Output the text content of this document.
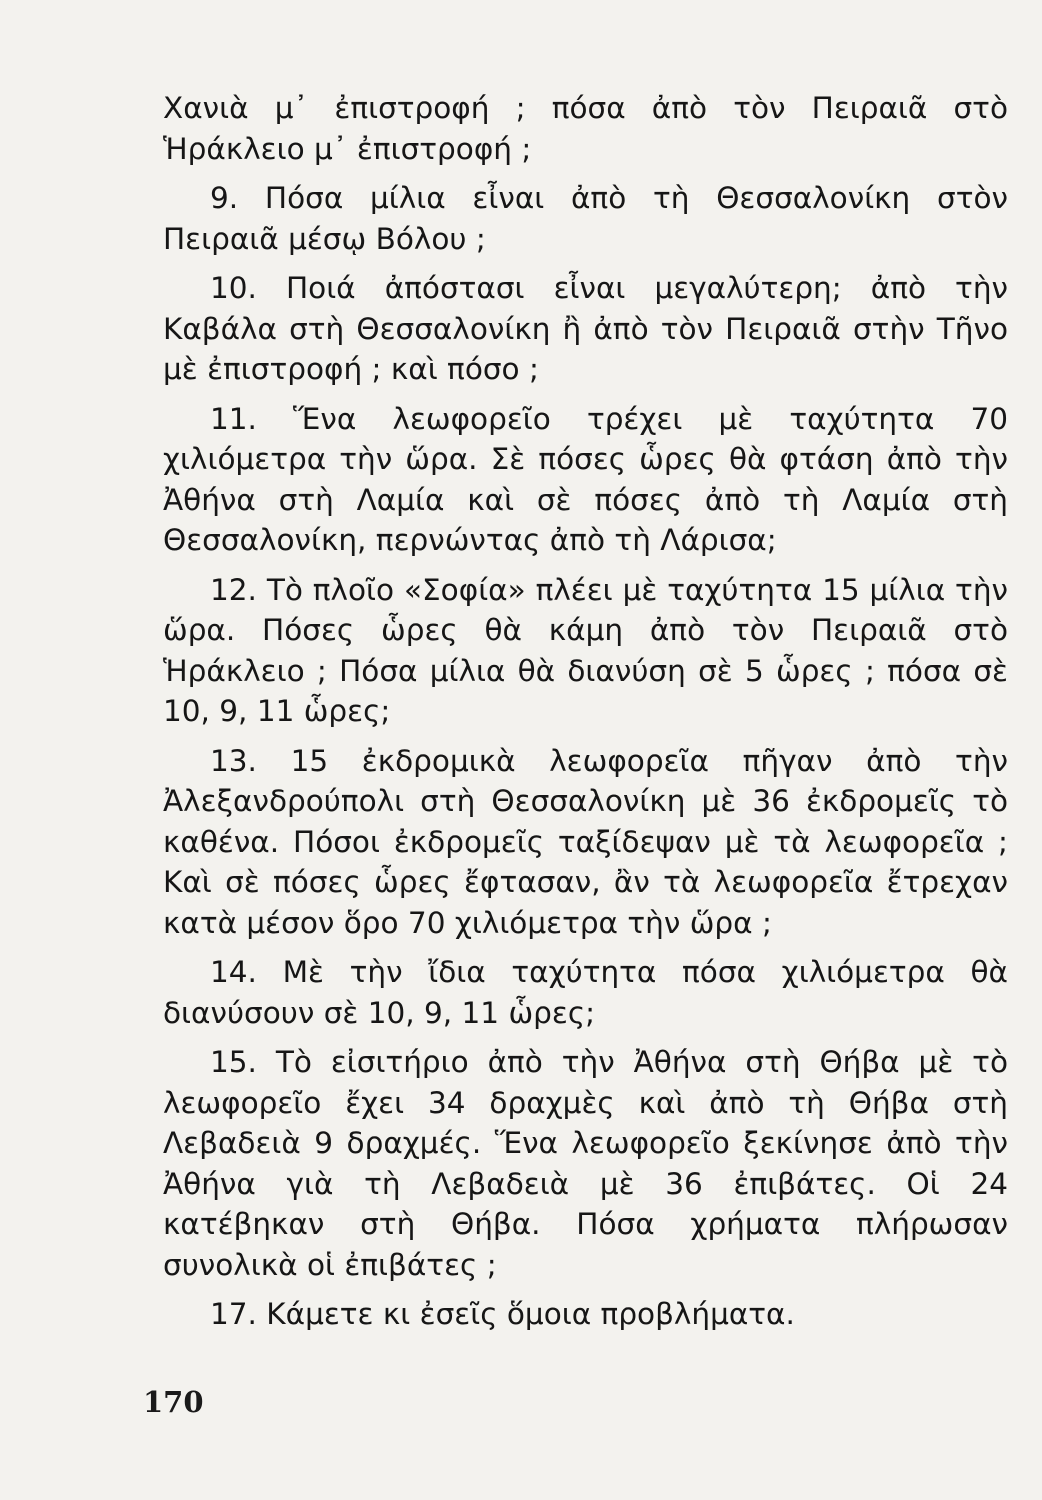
Χανιὰ μ᾿ ἐπιστροφή ; πόσα ἀπὸ τὸν Πειραιᾶ στὸ Ἡράκλειο μ᾿ ἐπιστροφή ;

9. Πόσα μίλια εἶναι ἀπὸ τὴ Θεσσαλονίκη στὸν Πειραιᾶ μέσῳ Βόλου ;

10. Ποιά ἀπόστασι εἶναι μεγαλύτερη; ἀπὸ τὴν Καβάλα στὴ Θεσσαλονίκη ἢ ἀπὸ τὸν Πειραιᾶ στὴν Τῆνο μὲ ἐπιστροφή ; καὶ πόσο ;

11. Ἕνα λεωφορεῖο τρέχει μὲ ταχύτητα 70 χιλιόμετρα τὴν ὥρα. Σὲ πόσες ὧρες θὰ φτάση ἀπὸ τὴν Ἀθήνα στὴ Λαμία καὶ σὲ πόσες ἀπὸ τὴ Λαμία στὴ Θεσσαλονίκη, περνώντας ἀπὸ τὴ Λάρισα;

12. Τὸ πλοῖο «Σοφία» πλέει μὲ ταχύτητα 15 μίλια τὴν ὥρα. Πόσες ὧρες θὰ κάμη ἀπὸ τὸν Πειραιᾶ στὸ Ἡράκλειο ; Πόσα μίλια θὰ διανύση σὲ 5 ὧρες ; πόσα σὲ 10, 9, 11 ὧρες;

13. 15 ἐκδρομικὰ λεωφορεῖα πῆγαν ἀπὸ τὴν Ἀλεξανδρούπολι στὴ Θεσσαλονίκη μὲ 36 ἐκδρομεῖς τὸ καθένα. Πόσοι ἐκδρομεῖς ταξίδεψαν μὲ τὰ λεωφορεῖα ; Καὶ σὲ πόσες ὧρες ἔφτασαν, ἂν τὰ λεωφορεῖα ἔτρεχαν κατὰ μέσον ὅρο 70 χιλιόμετρα τὴν ὥρα ;

14. Μὲ τὴν ἴδια ταχύτητα πόσα χιλιόμετρα θὰ διανύσουν σὲ 10, 9, 11 ὧρες;

15. Τὸ εἰσιτήριο ἀπὸ τὴν Ἀθήνα στὴ Θήβα μὲ τὸ λεωφορεῖο ἔχει 34 δραχμὲς καὶ ἀπὸ τὴ Θήβα στὴ Λεβαδειὰ 9 δραχμές. Ἕνα λεωφορεῖο ξεκίνησε ἀπὸ τὴν Ἀθήνα γιὰ τὴ Λεβαδειὰ μὲ 36 ἐπιβάτες. Οἱ 24 κατέβηκαν στὴ Θήβα. Πόσα χρήματα πλήρωσαν συνολικὰ οἱ ἐπιβάτες ;

17. Κάμετε κι ἐσεῖς ὅμοια προβλήματα.

170
